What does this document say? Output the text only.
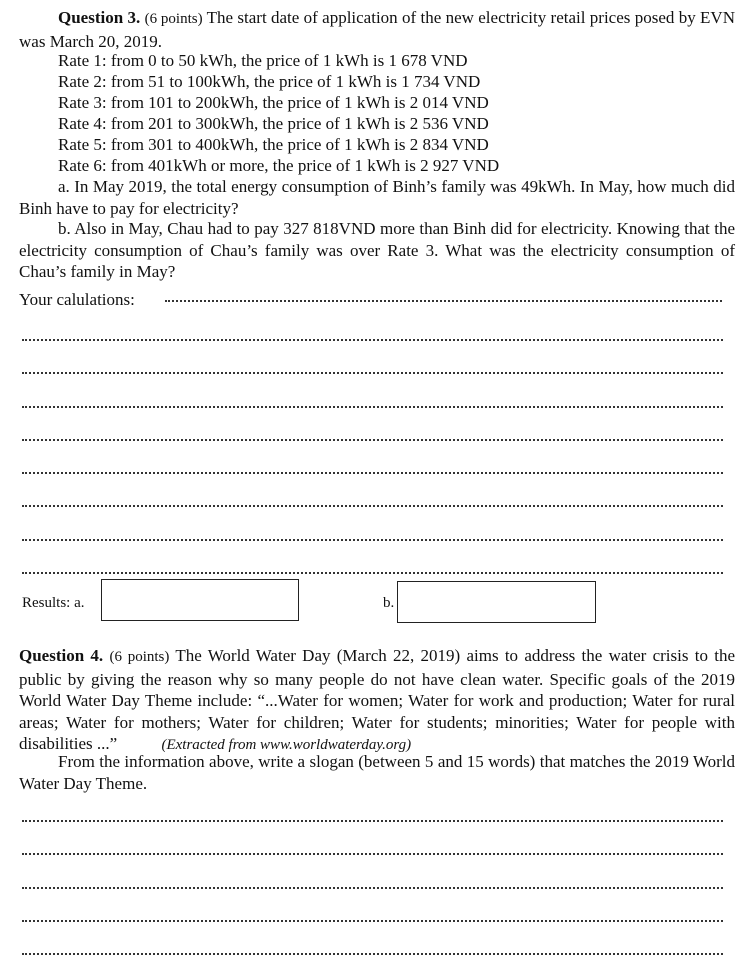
Question 3. (6 points) The start date of application of the new electricity retail prices posed by EVN was March 20, 2019.
Rate 1: from 0 to 50 kWh, the price of 1 kWh is 1 678 VND
Rate 2: from 51 to 100kWh, the price of 1 kWh is 1 734 VND
Rate 3: from 101 to 200kWh, the price of 1 kWh is 2 014 VND
Rate 4: from 201 to 300kWh, the price of 1 kWh is 2 536 VND
Rate 5: from 301 to 400kWh, the price of 1 kWh is 2 834 VND
Rate 6: from 401kWh or more, the price of 1 kWh is 2 927 VND
a. In May 2019, the total energy consumption of Binh’s family was 49kWh. In May, how much did Binh have to pay for electricity?
b. Also in May, Chau had to pay 327 818VND more than Binh did for electricity. Knowing that the electricity consumption of Chau’s family was over Rate 3. What was the electricity consumption of Chau’s family in May?
Your calulations:
Results: a.	b.
Question 4. (6 points) The World Water Day (March 22, 2019) aims to address the water crisis to the public by giving the reason why so many people do not have clean water. Specific goals of the 2019 World Water Day Theme include: “...Water for women; Water for work and production; Water for rural areas; Water for mothers; Water for children; Water for students; minorities; Water for people with disabilities ...”	(Extracted from www.worldwaterday.org)
From the information above, write a slogan (between 5 and 15 words) that matches the 2019 World Water Day Theme.
